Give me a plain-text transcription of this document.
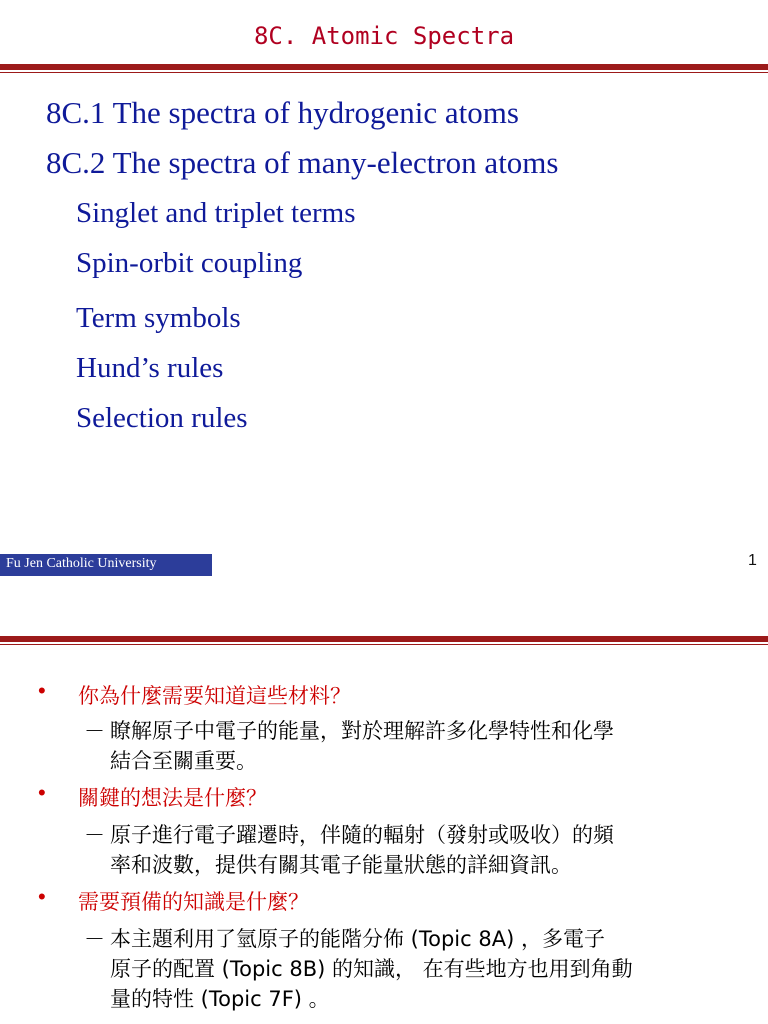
8C. Atomic Spectra
8C.1 The spectra of hydrogenic atoms
8C.2 The spectra of many-electron atoms
Singlet and triplet terms
Spin-orbit coupling
Term symbols
Hund’s rules
Selection rules
Fu Jen Catholic University	1
• 你為什麼需要知道這些材料？
－ 瞭解原子中電子的能量，對於理解許多化學特性和化學
結合至關重要。
• 關鍵的想法是什麼？
－ 原子進行電子躍遷時，伴隨的輻射（發射或吸收）的頻
率和波數，提供有關其電子能量狀態的詳細資訊。
• 需要預備的知識是什麼？
－ 本主題利用了氫原子的能階分佈 (Topic 8A) ，多電子
原子的配置 (Topic 8B) 的知識， 在有些地方也用到角動
量的特性 (Topic 7F) 。
